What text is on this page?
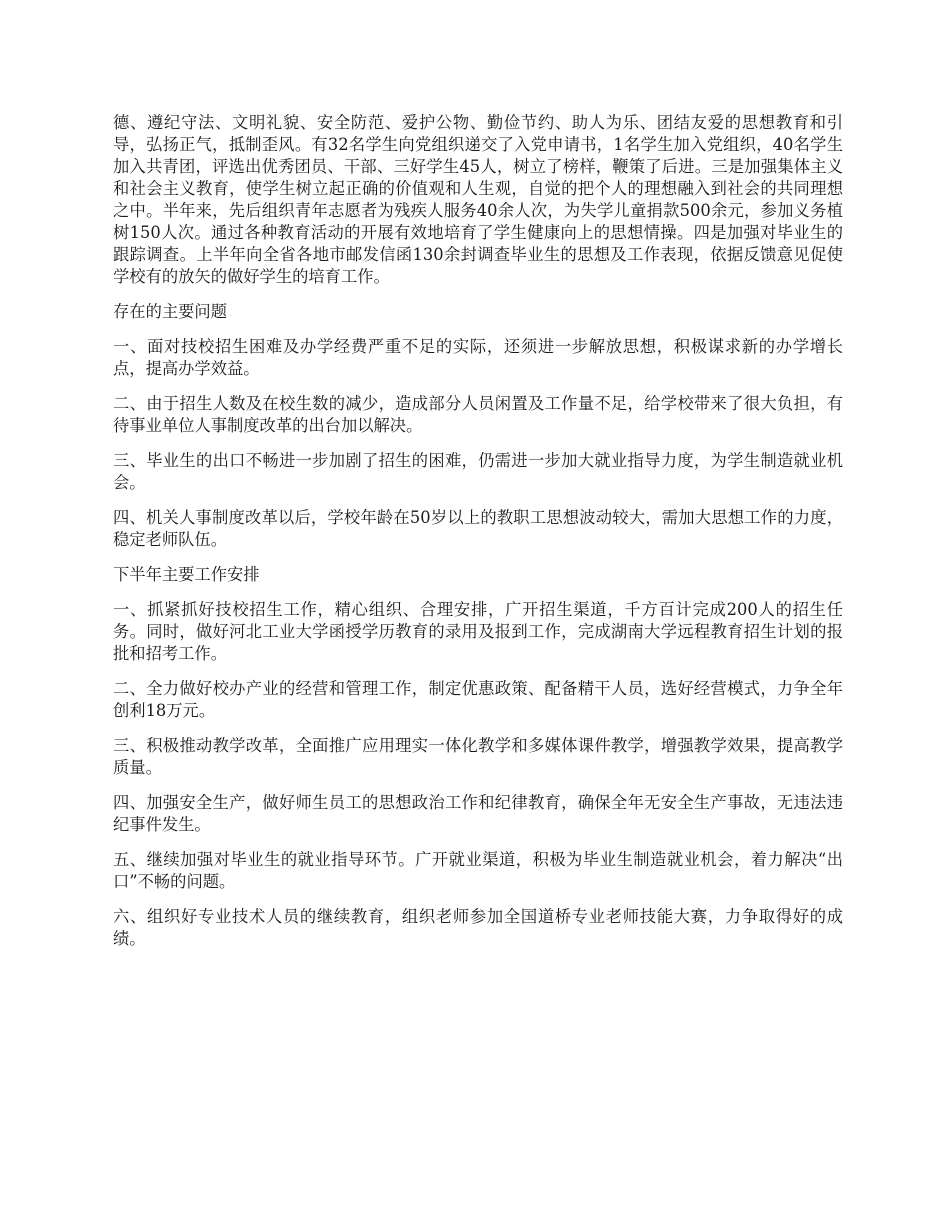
德、遵纪守法、文明礼貌、安全防范、爱护公物、勤俭节约、助人为乐、团结友爱的思想教育和引导，弘扬正气，抵制歪风。有32名学生向党组织递交了入党申请书，1名学生加入党组织，40名学生加入共青团，评选出优秀团员、干部、三好学生45人，树立了榜样，鞭策了后进。三是加强集体主义和社会主义教育，使学生树立起正确的价值观和人生观，自觉的把个人的理想融入到社会的共同理想之中。半年来，先后组织青年志愿者为残疾人服务40余人次，为失学儿童捐款500余元，参加义务植树150人次。通过各种教育活动的开展有效地培育了学生健康向上的思想情操。四是加强对毕业生的跟踪调查。上半年向全省各地市邮发信函130余封调查毕业生的思想及工作表现，依据反馈意见促使学校有的放矢的做好学生的培育工作。

存在的主要问题

一、面对技校招生困难及办学经费严重不足的实际，还须进一步解放思想，积极谋求新的办学增长点，提高办学效益。

二、由于招生人数及在校生数的减少，造成部分人员闲置及工作量不足，给学校带来了很大负担，有待事业单位人事制度改革的出台加以解决。

三、毕业生的出口不畅进一步加剧了招生的困难，仍需进一步加大就业指导力度，为学生制造就业机会。

四、机关人事制度改革以后，学校年龄在50岁以上的教职工思想波动较大，需加大思想工作的力度，稳定老师队伍。

下半年主要工作安排

一、抓紧抓好技校招生工作，精心组织、合理安排，广开招生渠道，千方百计完成200人的招生任务。同时，做好河北工业大学函授学历教育的录用及报到工作，完成湖南大学远程教育招生计划的报批和招考工作。

二、全力做好校办产业的经营和管理工作，制定优惠政策、配备精干人员，选好经营模式，力争全年创利18万元。

三、积极推动教学改革，全面推广应用理实一体化教学和多媒体课件教学，增强教学效果，提高教学质量。

四、加强安全生产，做好师生员工的思想政治工作和纪律教育，确保全年无安全生产事故，无违法违纪事件发生。

五、继续加强对毕业生的就业指导环节。广开就业渠道，积极为毕业生制造就业机会，着力解决“出口”不畅的问题。

六、组织好专业技术人员的继续教育，组织老师参加全国道桥专业老师技能大赛，力争取得好的成绩。
